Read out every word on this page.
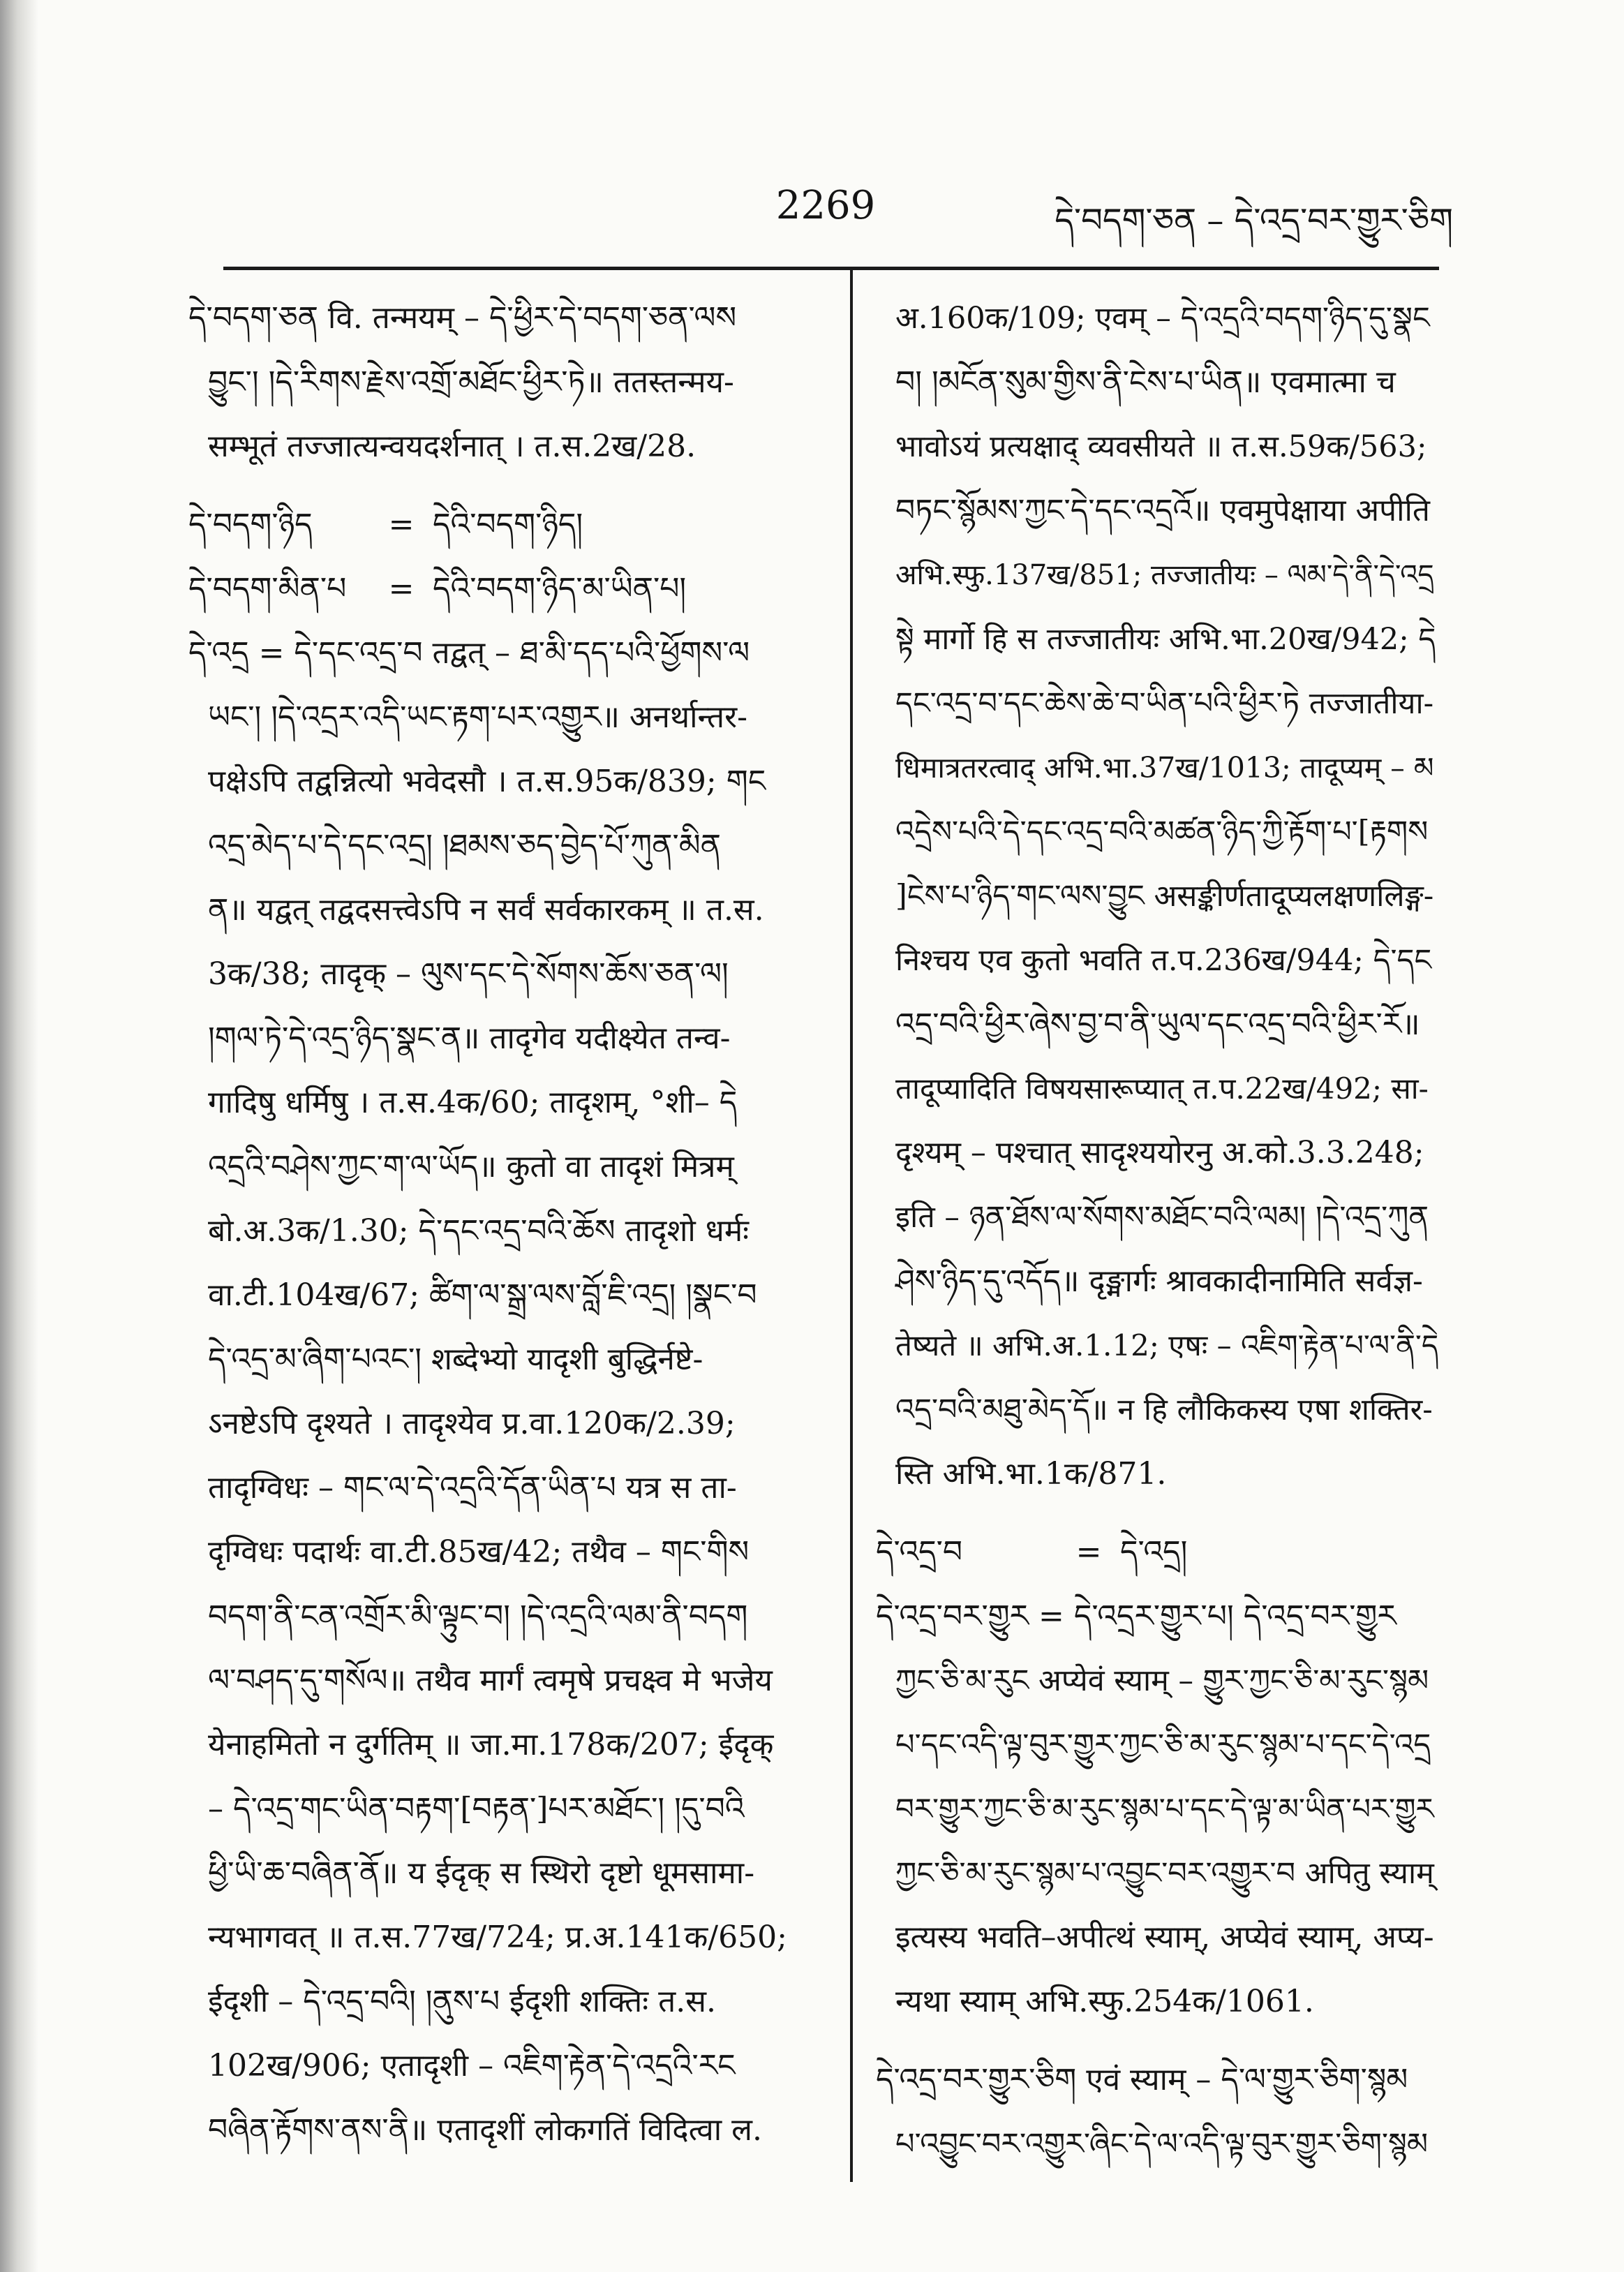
2269	དེ་བདག་ཅན – དེ་འདྲ་བར་གྱུར་ཅིག
དེ་བདག་ཅན वि. तन्मयम् – དེ་ཕྱིར་དེ་བདག་ཅན་ལས
བྱུང་། །དེ་རིགས་རྗེས་འགྲོ་མཐོང་ཕྱིར་ཏེ॥ ततस्तन्मय-
सम्भूतं तज्जात्यन्वयदर्शनात् । त.स.2ख/28.
དེ་བདག་ཉིད	= དེའི་བདག་ཉིད།
དེ་བདག་མིན་པ	= དེའི་བདག་ཉིད་མ་ཡིན་པ།
དེ་འདྲ = དེ་དང་འདྲ་བ तद्वत् – ཐ་མི་དད་པའི་ཕྱོགས་ལ
ཡང་། །དེ་འདྲར་འདི་ཡང་རྟག་པར་འགྱུར॥ अनर्थान्तर-
पक्षेऽपि तद्वन्नित्यो भवेदसौ । त.स.95क/839; གང
འདྲ་མེད་པ་དེ་དང་འདྲ། །ཐམས་ཅད་བྱེད་པོ་ཀུན་མིན
ན॥ यद्वत् तद्वदसत्त्वेऽपि न सर्वं सर्वकारकम् ॥ त.स.
3क/38; तादृक् – ལུས་དང་དེ་སོགས་ཆོས་ཅན་ལ།
།གལ་ཏེ་དེ་འདྲ་ཉིད་སྣང་ན॥ तादृगेव यदीक्ष्येत तन्व-
गादिषु धर्मिषु । त.स.4क/60; तादृशम्, °शी– དེ
འདྲའི་བཤེས་ཀྱང་ག་ལ་ཡོད॥ कुतो वा तादृशं मित्रम्
बो.अ.3क/1.30; དེ་དང་འདྲ་བའི་ཆོས तादृशो धर्मः
वा.टी.104ख/67; ཚིག་ལ་སྒྲ་ལས་བློ་ཇི་འདྲ། །སྣང་བ
དེ་འདྲ་མ་ཞིག་པའང་། शब्देभ्यो यादृशी बुद्धिर्नष्टे-
ऽनष्टेऽपि दृश्यते । तादृश्येव प्र.वा.120क/2.39;
तादृग्विधः – གང་ལ་དེ་འདྲའི་དོན་ཡིན་པ यत्र स ता-
दृग्विधः पदार्थः वा.टी.85ख/42; तथैव – གང་གིས
བདག་ནི་ངན་འགྲོར་མི་ལྟུང་བ། །དེ་འདྲའི་ལམ་ནི་བདག
ལ་བཤད་དུ་གསོལ॥ तथैव मार्गं त्वमृषे प्रचक्ष्व मे भजेय
येनाहमितो न दुर्गतिम् ॥ जा.मा.178क/207; ईदृक्
– དེ་འདྲ་གང་ཡིན་བརྟག་[བརྟན་]པར་མཐོང་། །དུ་བའི
ཕྱི་ཡི་ཆ་བཞིན་ནོ॥ य ईदृक् स स्थिरो दृष्टो धूमसामा-
न्यभागवत् ॥ त.स.77ख/724; प्र.अ.141क/650;
ईदृशी – དེ་འདྲ་བའི། །ནུས་པ ईदृशी शक्तिः त.स.
102ख/906; एतादृशी – འཇིག་རྟེན་དེ་འདྲའི་རང
བཞིན་རྟོགས་ནས་ནི॥ एतादृशीं लोकगतिं विदित्वा ल.
अ.160क/109; एवम् – དེ་འདྲའི་བདག་ཉིད་དུ་སྣང
བ། །མངོན་སུམ་གྱིས་ནི་ངེས་པ་ཡིན॥ एवमात्मा च
भावोऽयं प्रत्यक्षाद् व्यवसीयते ॥ त.स.59क/563;
བཏང་སྙོམས་ཀྱང་དེ་དང་འདྲའོ॥ एवमुपेक्षाया अपीति
अभि.स्फु.137ख/851; तज्जातीयः – ལམ་དེ་ནི་དེ་འདྲ
སྟེ मार्गो हि स तज्जातीयः अभि.भा.20ख/942; དེ
དང་འདྲ་བ་དང་ཆེས་ཆེ་བ་ཡིན་པའི་ཕྱིར་ཏེ तज्जातीया-
धिमात्रतरत्वाद् अभि.भा.37ख/1013; तादूप्यम् – མ
འདྲེས་པའི་དེ་དང་འདྲ་བའི་མཚན་ཉིད་ཀྱི་རྟོག་པ་[རྟགས
]ངེས་པ་ཉིད་གང་ལས་བྱུང असङ्कीर्णतादूप्यलक्षणलिङ्ग-
निश्चय एव कुतो भवति त.प.236ख/944; དེ་དང
འདྲ་བའི་ཕྱིར་ཞེས་བྱ་བ་ནི་ཡུལ་དང་འདྲ་བའི་ཕྱིར་རོ॥
तादूप्यादिति विषयसारूप्यात् त.प.22ख/492; सा-
दृश्यम् – पश्चात् सादृश्ययोरनु अ.को.3.3.248;
इति – ཉན་ཐོས་ལ་སོགས་མཐོང་བའི་ལམ། །དེ་འདྲ་ཀུན
ཤེས་ཉིད་དུ་འདོད॥ दृङ्मार्गः श्रावकादीनामिति सर्वज्ञ-
तेष्यते ॥ अभि.अ.1.12; एषः – འཇིག་རྟེན་པ་ལ་ནི་དེ
འདྲ་བའི་མཐུ་མེད་དོ॥ न हि लौकिकस्य एषा शक्तिर-
स्ति अभि.भा.1क/871.
དེ་འདྲ་བ	= དེ་འདྲ།
དེ་འདྲ་བར་གྱུར = དེ་འདྲར་གྱུར་པ། དེ་འདྲ་བར་གྱུར
ཀྱང་ཅི་མ་རུང अप्येवं स्याम् – གྱུར་ཀྱང་ཅི་མ་རུང་སྙམ
པ་དང་འདི་ལྟ་བུར་གྱུར་ཀྱང་ཅི་མ་རུང་སྙམ་པ་དང་དེ་འདྲ
བར་གྱུར་ཀྱང་ཅི་མ་རུང་སྙམ་པ་དང་དེ་ལྟ་མ་ཡིན་པར་གྱུར
ཀྱང་ཅི་མ་རུང་སྙམ་པ་འབྱུང་བར་འགྱུར་བ अपितु स्याम्
इत्यस्य भवति–अपीत्थं स्याम्, अप्येवं स्याम्, अप्य-
न्यथा स्याम् अभि.स्फु.254क/1061.
དེ་འདྲ་བར་གྱུར་ཅིག एवं स्याम् – དེ་ལ་གྱུར་ཅིག་སྙམ
པ་འབྱུང་བར་འགྱུར་ཞིང་དེ་ལ་འདི་ལྟ་བུར་གྱུར་ཅིག་སྙམ
